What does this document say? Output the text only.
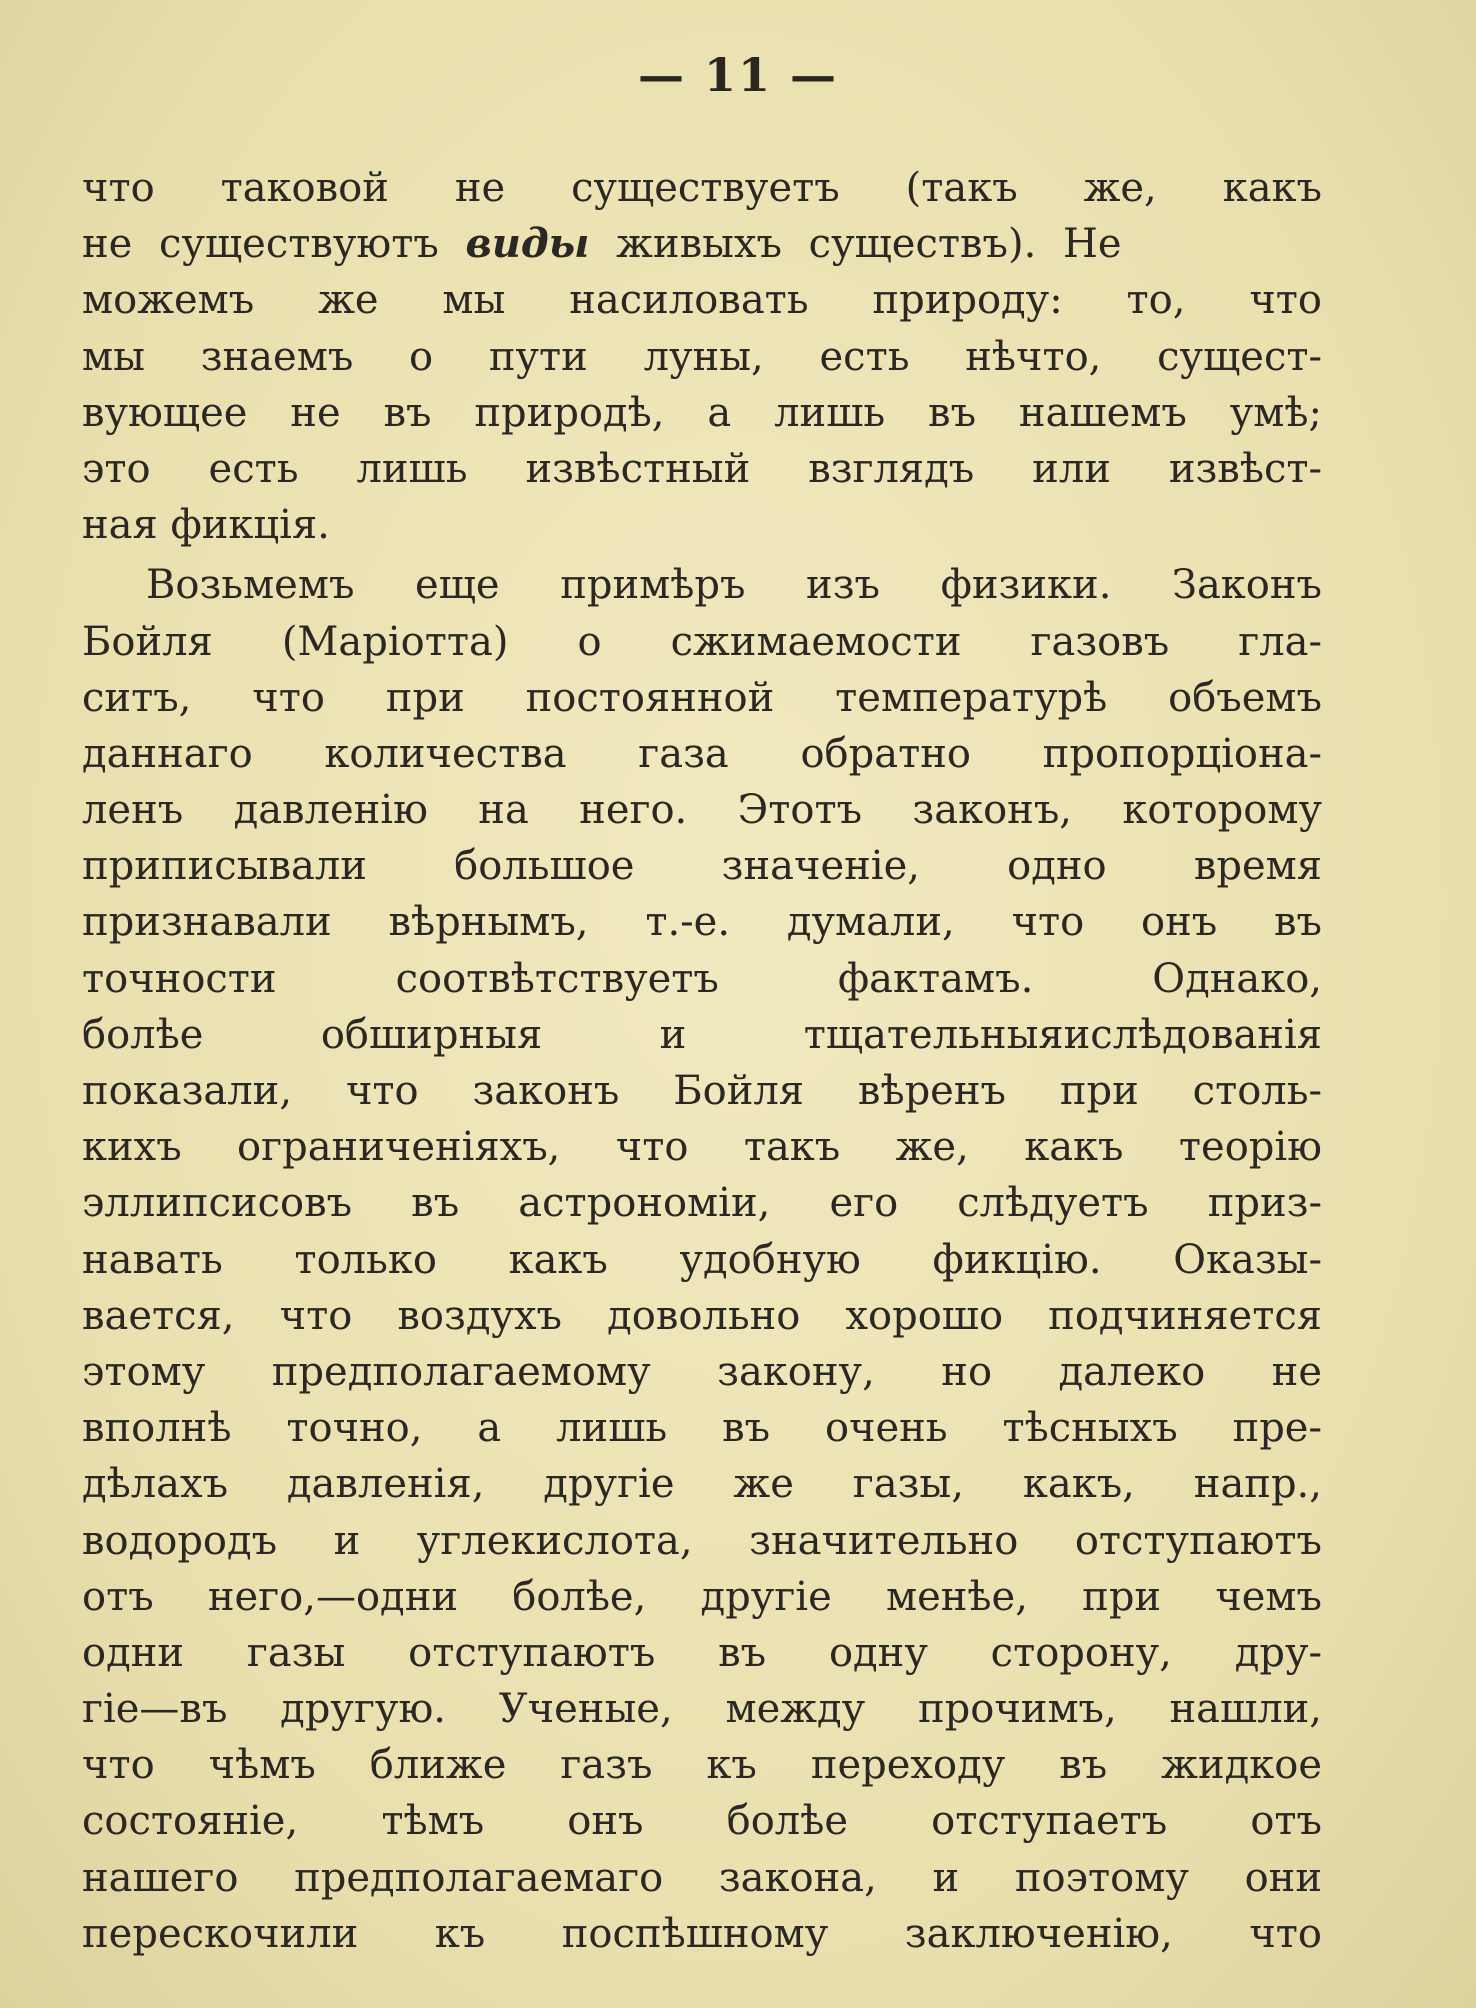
— 11 —
что таковой не существуетъ (такъ же, какъ
не существуютъ виды живыхъ существъ). Не
можемъ же мы насиловать природу: то, что
мы знаемъ о пути луны, есть нѣчто, сущест-
вующее не въ природѣ, а лишь въ нашемъ умѣ;
это есть лишь извѣстный взглядъ или извѣст-
ная фикція.
Возьмемъ еще примѣръ изъ физики. Законъ
Бойля (Маріотта) о сжимаемости газовъ гла-
ситъ, что при постоянной температурѣ объемъ
даннаго количества газа обратно пропорціона-
ленъ давленію на него. Этотъ законъ, которому
приписывали большое значеніе, одно время
признавали вѣрнымъ, т.-е. думали, что онъ въ
точности соотвѣтствуетъ фактамъ. Однако,
болѣе обширныя и тщательныяислѣдованія
показали, что законъ Бойля вѣренъ при столь-
кихъ ограниченіяхъ, что такъ же, какъ теорію
эллипсисовъ въ астрономіи, его слѣдуетъ приз-
навать только какъ удобную фикцію. Оказы-
вается, что воздухъ довольно хорошо подчиняется
этому предполагаемому закону, но далеко не
вполнѣ точно, а лишь въ очень тѣсныхъ пре-
дѣлахъ давленія, другіе же газы, какъ, напр.,
водородъ и углекислота, значительно отступаютъ
отъ него,—одни болѣе, другіе менѣе, при чемъ
одни газы отступаютъ въ одну сторону, дру-
гіе—въ другую. Ученые, между прочимъ, нашли,
что чѣмъ ближе газъ къ переходу въ жидкое
состояніе, тѣмъ онъ болѣе отступаетъ отъ
нашего предполагаемаго закона, и поэтому они
перескочили къ поспѣшному заключенію, что
